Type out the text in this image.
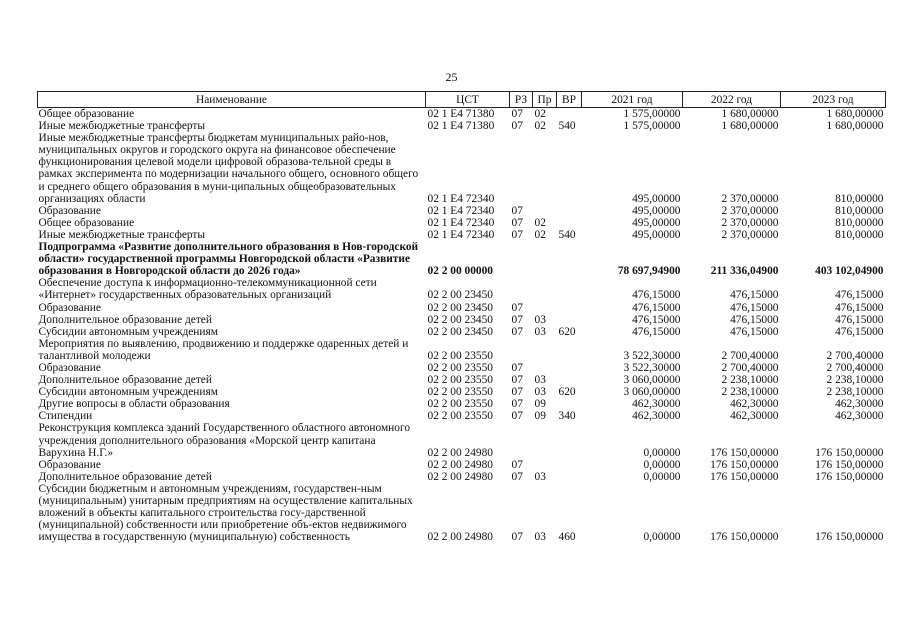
25
Наименование	ЦСТ	РЗ	Пр	ВР	2021 год	2022 год	2023 год
Общее образование	02 1 E4 71380	07	02		1 575,00000	1 680,00000	1 680,00000
Иные межбюджетные трансферты	02 1 E4 71380	07	02	540	1 575,00000	1 680,00000	1 680,00000
Иные межбюджетные трансферты бюджетам муниципальных райо-нов, муниципальных округов и городского округа на финансовое обеспечение функционирования целевой модели цифровой образова-тельной среды в рамках эксперимента по модернизации начального общего, основного общего и среднего общего образования в муни-ципальных общеобразовательных организациях области	02 1 E4 72340				495,00000	2 370,00000	810,00000
Образование	02 1 E4 72340	07			495,00000	2 370,00000	810,00000
Общее образование	02 1 E4 72340	07	02		495,00000	2 370,00000	810,00000
Иные межбюджетные трансферты	02 1 E4 72340	07	02	540	495,00000	2 370,00000	810,00000
Подпрограмма «Развитие дополнительного образования в Нов-городской области» государственной программы Новгородской области «Развитие образования в Новгородской области до 2026 года»	02 2 00 00000				78 697,94900	211 336,04900	403 102,04900
Обеспечение доступа к информационно-телекоммуникационной сети «Интернет» государственных образовательных организаций	02 2 00 23450				476,15000	476,15000	476,15000
Образование	02 2 00 23450	07			476,15000	476,15000	476,15000
Дополнительное образование детей	02 2 00 23450	07	03		476,15000	476,15000	476,15000
Субсидии автономным учреждениям	02 2 00 23450	07	03	620	476,15000	476,15000	476,15000
Мероприятия по выявлению, продвижению и поддержке одаренных детей и талантливой молодежи	02 2 00 23550				3 522,30000	2 700,40000	2 700,40000
Образование	02 2 00 23550	07			3 522,30000	2 700,40000	2 700,40000
Дополнительное образование детей	02 2 00 23550	07	03		3 060,00000	2 238,10000	2 238,10000
Субсидии автономным учреждениям	02 2 00 23550	07	03	620	3 060,00000	2 238,10000	2 238,10000
Другие вопросы в области образования	02 2 00 23550	07	09		462,30000	462,30000	462,30000
Стипендии	02 2 00 23550	07	09	340	462,30000	462,30000	462,30000
Реконструкция комплекса зданий Государственного областного автономного учреждения дополнительного образования «Морской центр капитана Варухина Н.Г.»	02 2 00 24980				0,00000	176 150,00000	176 150,00000
Образование	02 2 00 24980	07			0,00000	176 150,00000	176 150,00000
Дополнительное образование детей	02 2 00 24980	07	03		0,00000	176 150,00000	176 150,00000
Субсидии бюджетным и автономным учреждениям, государствен-ным (муниципальным) унитарным предприятиям на осуществление капитальных вложений в объекты капитального строительства госу-дарственной (муниципальной) собственности или приобретение объ-ектов недвижимого имущества в государственную (муниципальную) собственность	02 2 00 24980	07	03	460	0,00000	176 150,00000	176 150,00000
